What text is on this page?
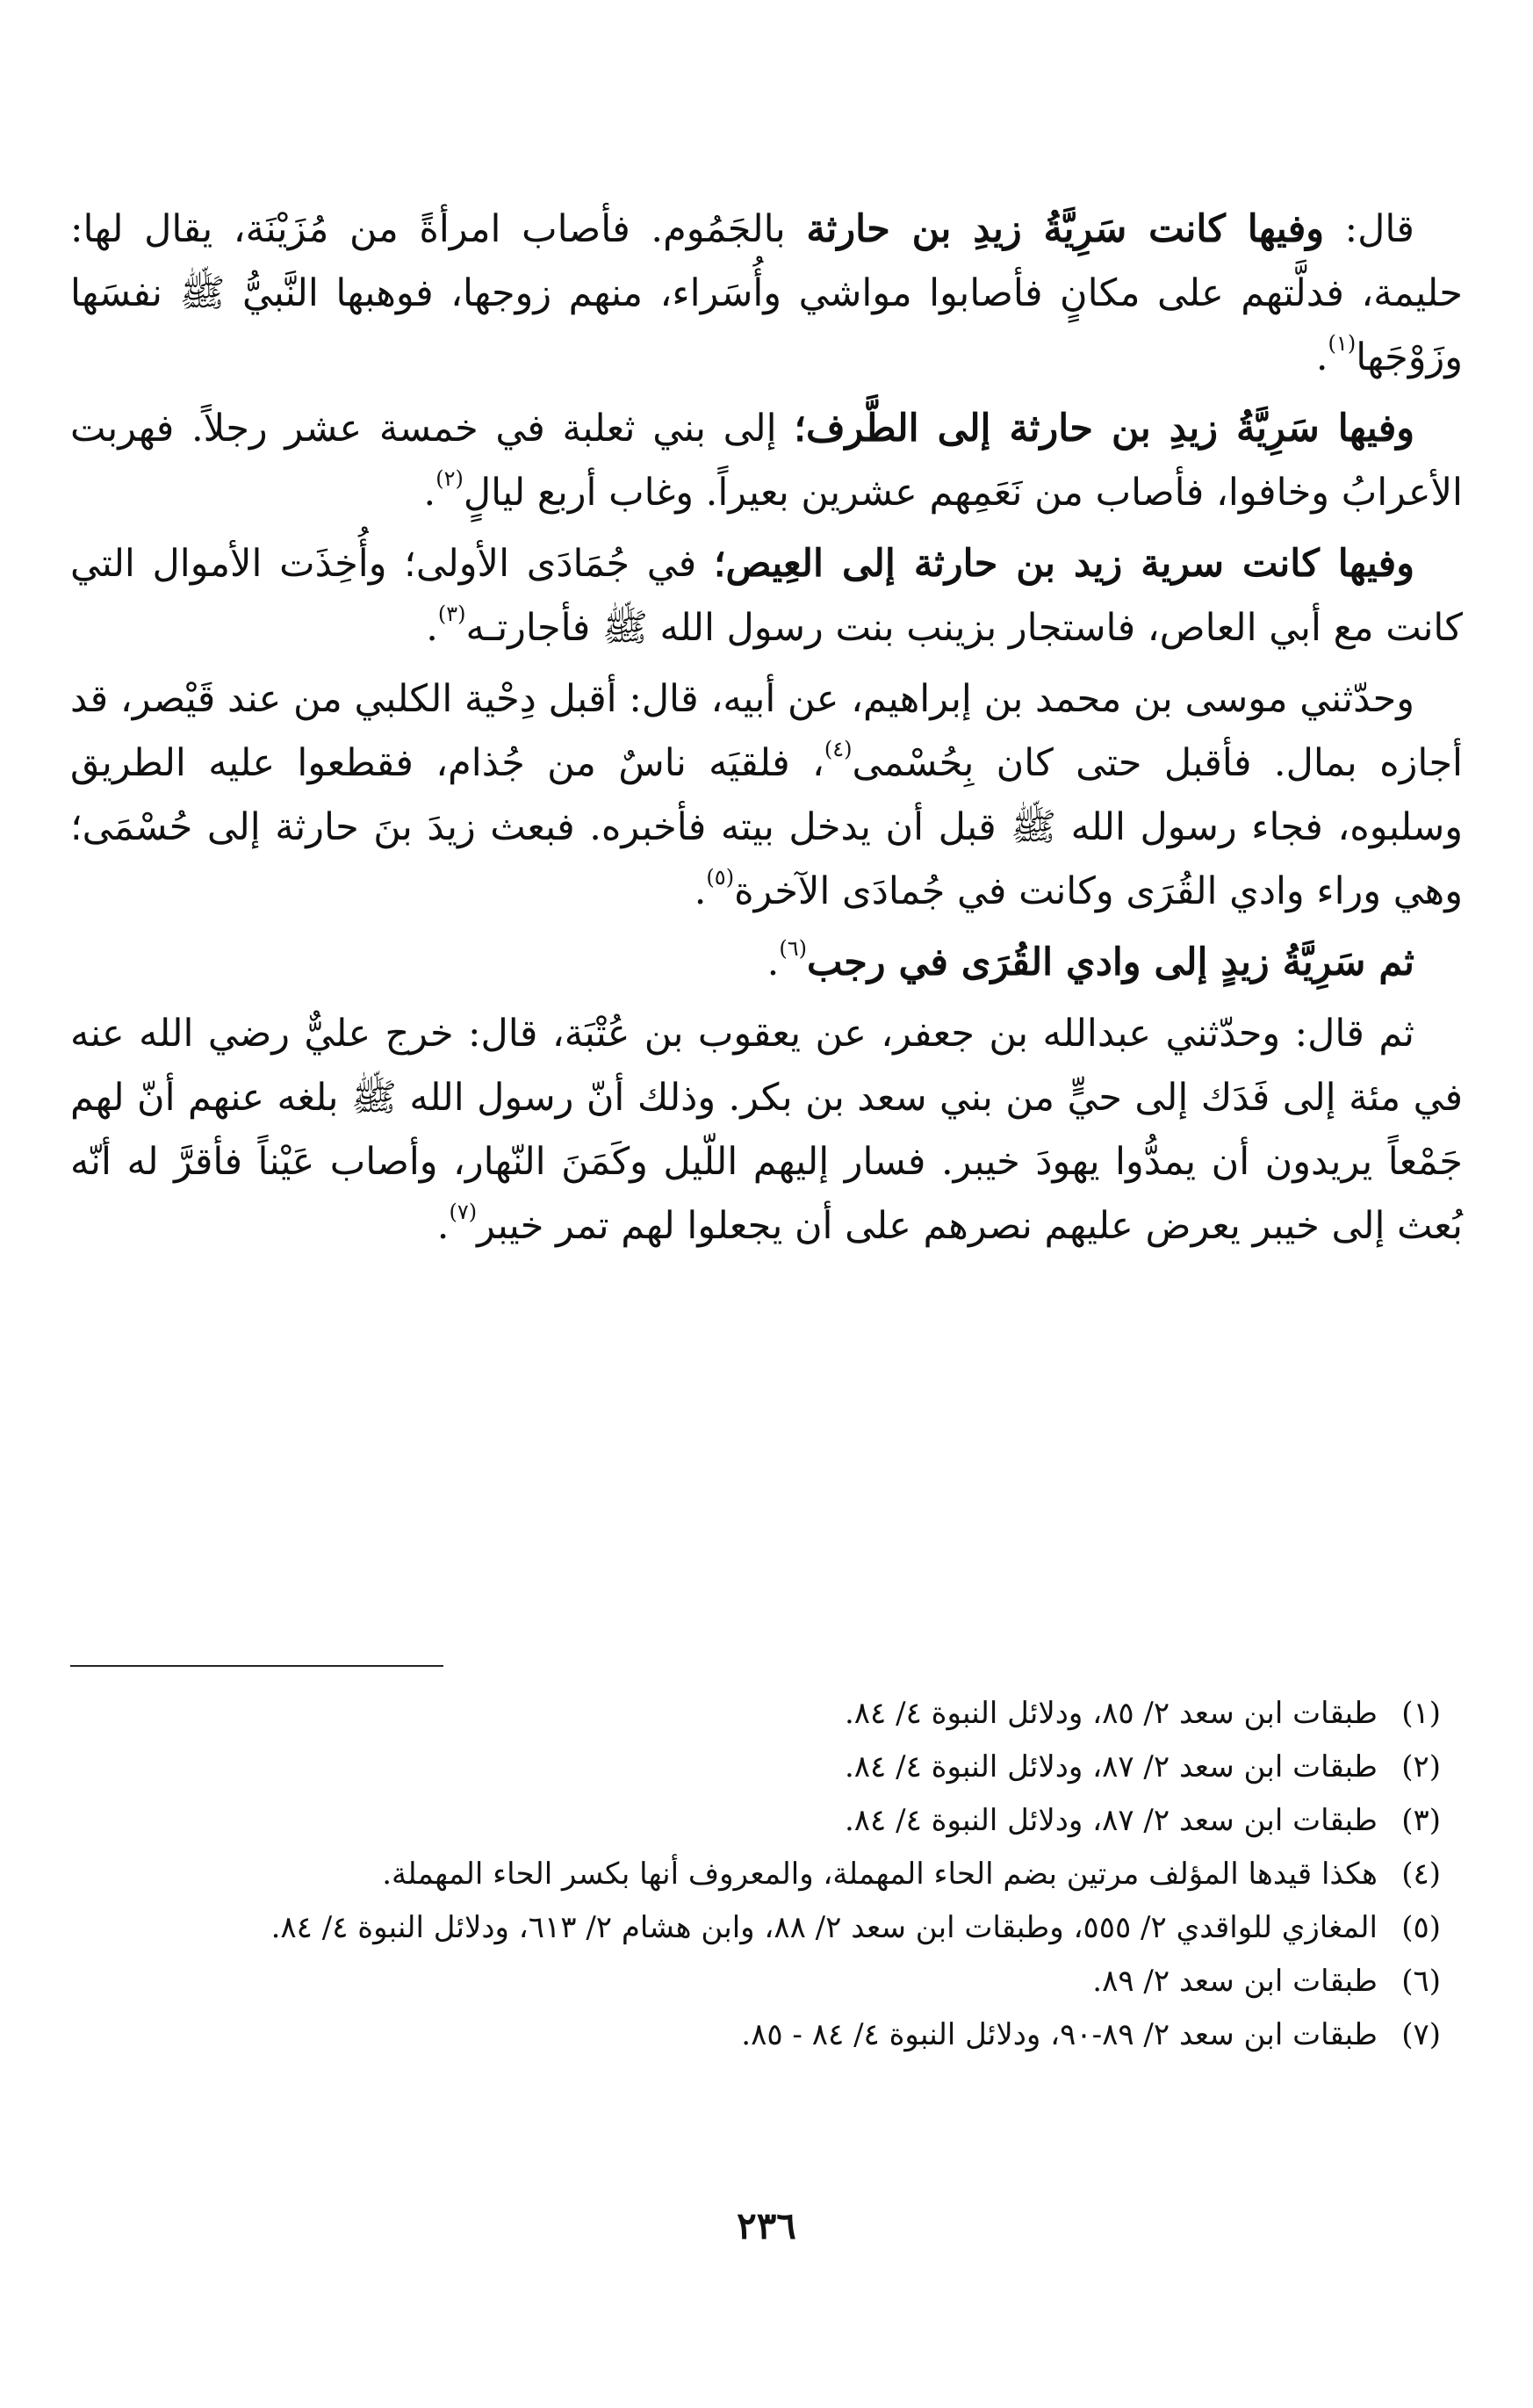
قال: وفيها كانت سَرِيَّةُ زيدِ بن حارثة بالجَمُوم. فأصاب امرأةً من مُزَيْنَة، يقال لها: حليمة، فدلَّتهم على مكانٍ فأصابوا مواشي وأُسَراء، منهم زوجها، فوهبها النَّبيُّ ﷺ نفسَها وزَوْجَها$^{(١)}$.

وفيها سَرِيَّةُ زيدِ بن حارثة إلى الطَّرف؛ إلى بني ثعلبة في خمسة عشر رجلاً. فهربت الأعرابُ وخافوا، فأصاب من نَعَمِهم عشرين بعيراً. وغاب أربع ليالٍ$^{(٢)}$.

وفيها كانت سرية زيد بن حارثة إلى العِيص؛ في جُمَادَى الأولى؛ وأُخِذَت الأموال التي كانت مع أبي العاص، فاستجار بزينب بنت رسول الله ﷺ فأجارتـه$^{(٣)}$.

وحدّثني موسى بن محمد بن إبراهيم، عن أبيه، قال: أقبل دِحْية الكلبي من عند قَيْصر، قد أجازه بمال. فأقبل حتى كان بِحُسْمى$^{(٤)}$، فلقيَه ناسٌ من جُذام، فقطعوا عليه الطريق وسلبوه، فجاء رسول الله ﷺ قبل أن يدخل بيته فأخبره. فبعث زيدَ بنَ حارثة إلى حُسْمَى؛ وهي وراء وادي القُرَى وكانت في جُمادَى الآخرة$^{(٥)}$.

ثم سَرِيَّةُ زيدٍ إلى وادي القُرَى في رجب$^{(٦)}$.

ثم قال: وحدّثني عبدالله بن جعفر، عن يعقوب بن عُتْبَة، قال: خرج عليٌّ رضي الله عنه في مئة إلى فَدَك إلى حيٍّ من بني سعد بن بكر. وذلك أنّ رسول الله ﷺ بلغه عنهم أنّ لهم جَمْعاً يريدون أن يمدُّوا يهودَ خيبر. فسار إليهم اللّيل وكَمَنَ النّهار، وأصاب عَيْناً فأقرَّ له أنّه بُعث إلى خيبر يعرض عليهم نصرهم على أن يجعلوا لهم تمر خيبر$^{(٧)}$.

(١)
طبقات ابن سعد ٢/ ٨٥، ودلائل النبوة ٤/ ٨٤.
(٢)
طبقات ابن سعد ٢/ ٨٧، ودلائل النبوة ٤/ ٨٤.
(٣)
طبقات ابن سعد ٢/ ٨٧، ودلائل النبوة ٤/ ٨٤.
(٤)
هكذا قيدها المؤلف مرتين بضم الحاء المهملة، والمعروف أنها بكسر الحاء المهملة.
(٥)
المغازي للواقدي ٢/ ٥٥٥، وطبقات ابن سعد ٢/ ٨٨، وابن هشام ٢/ ٦١٣، ودلائل النبوة ٤/ ٨٤.
(٦)
طبقات ابن سعد ٢/ ٨٩.
(٧)
طبقات ابن سعد ٢/ ٨٩-٩٠، ودلائل النبوة ٤/ ٨٤ - ٨٥.
٢٣٦
